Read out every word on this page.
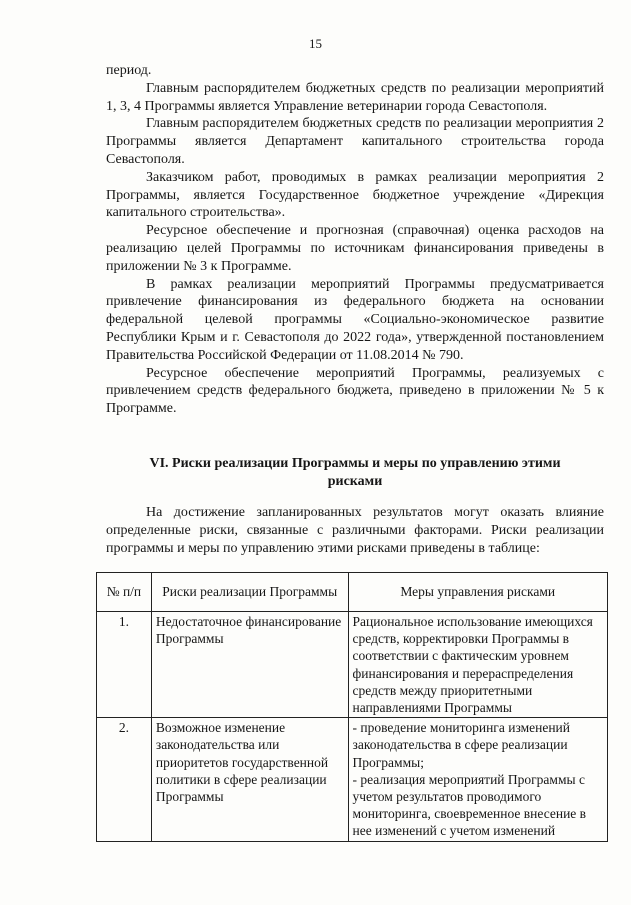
15

период.

Главным распорядителем бюджетных средств по реализации мероприятий 1, 3, 4 Программы является Управление ветеринарии города Севастополя.

Главным распорядителем бюджетных средств по реализации мероприятия 2 Программы является Департамент капитального строительства города Севастополя.

Заказчиком работ, проводимых в рамках реализации мероприятия 2 Программы, является Государственное бюджетное учреждение «Дирекция капитального строительства».

Ресурсное обеспечение и прогнозная (справочная) оценка расходов на реализацию целей Программы по источникам финансирования приведены в приложении № 3 к Программе.

В рамках реализации мероприятий Программы предусматривается привлечение финансирования из федерального бюджета на основании федеральной целевой программы «Социально-экономическое развитие Республики Крым и г. Севастополя до 2022 года», утвержденной постановлением Правительства Российской Федерации от 11.08.2014 № 790.

Ресурсное обеспечение мероприятий Программы, реализуемых с привлечением средств федерального бюджета, приведено в приложении № 5 к Программе.

VI. Риски реализации Программы и меры по управлению этими
рисками

На достижение запланированных результатов могут оказать влияние определенные риски, связанные с различными факторами. Риски реализации программы и меры по управлению этими рисками приведены в таблице:

№ п/п	Риски реализации Программы	Меры управления рисками
1.	Недостаточное финансирование Программы	Рациональное использование имеющихся средств, корректировки Программы в соответствии с фактическим уровнем финансирования и перераспределения средств между приоритетными направлениями Программы
2.	Возможное изменение законодательства или приоритетов государственной политики в сфере реализации Программы	- проведение мониторинга изменений законодательства в сфере реализации Программы;
- реализация мероприятий Программы с учетом результатов проводимого мониторинга, своевременное внесение в нее изменений с учетом изменений
